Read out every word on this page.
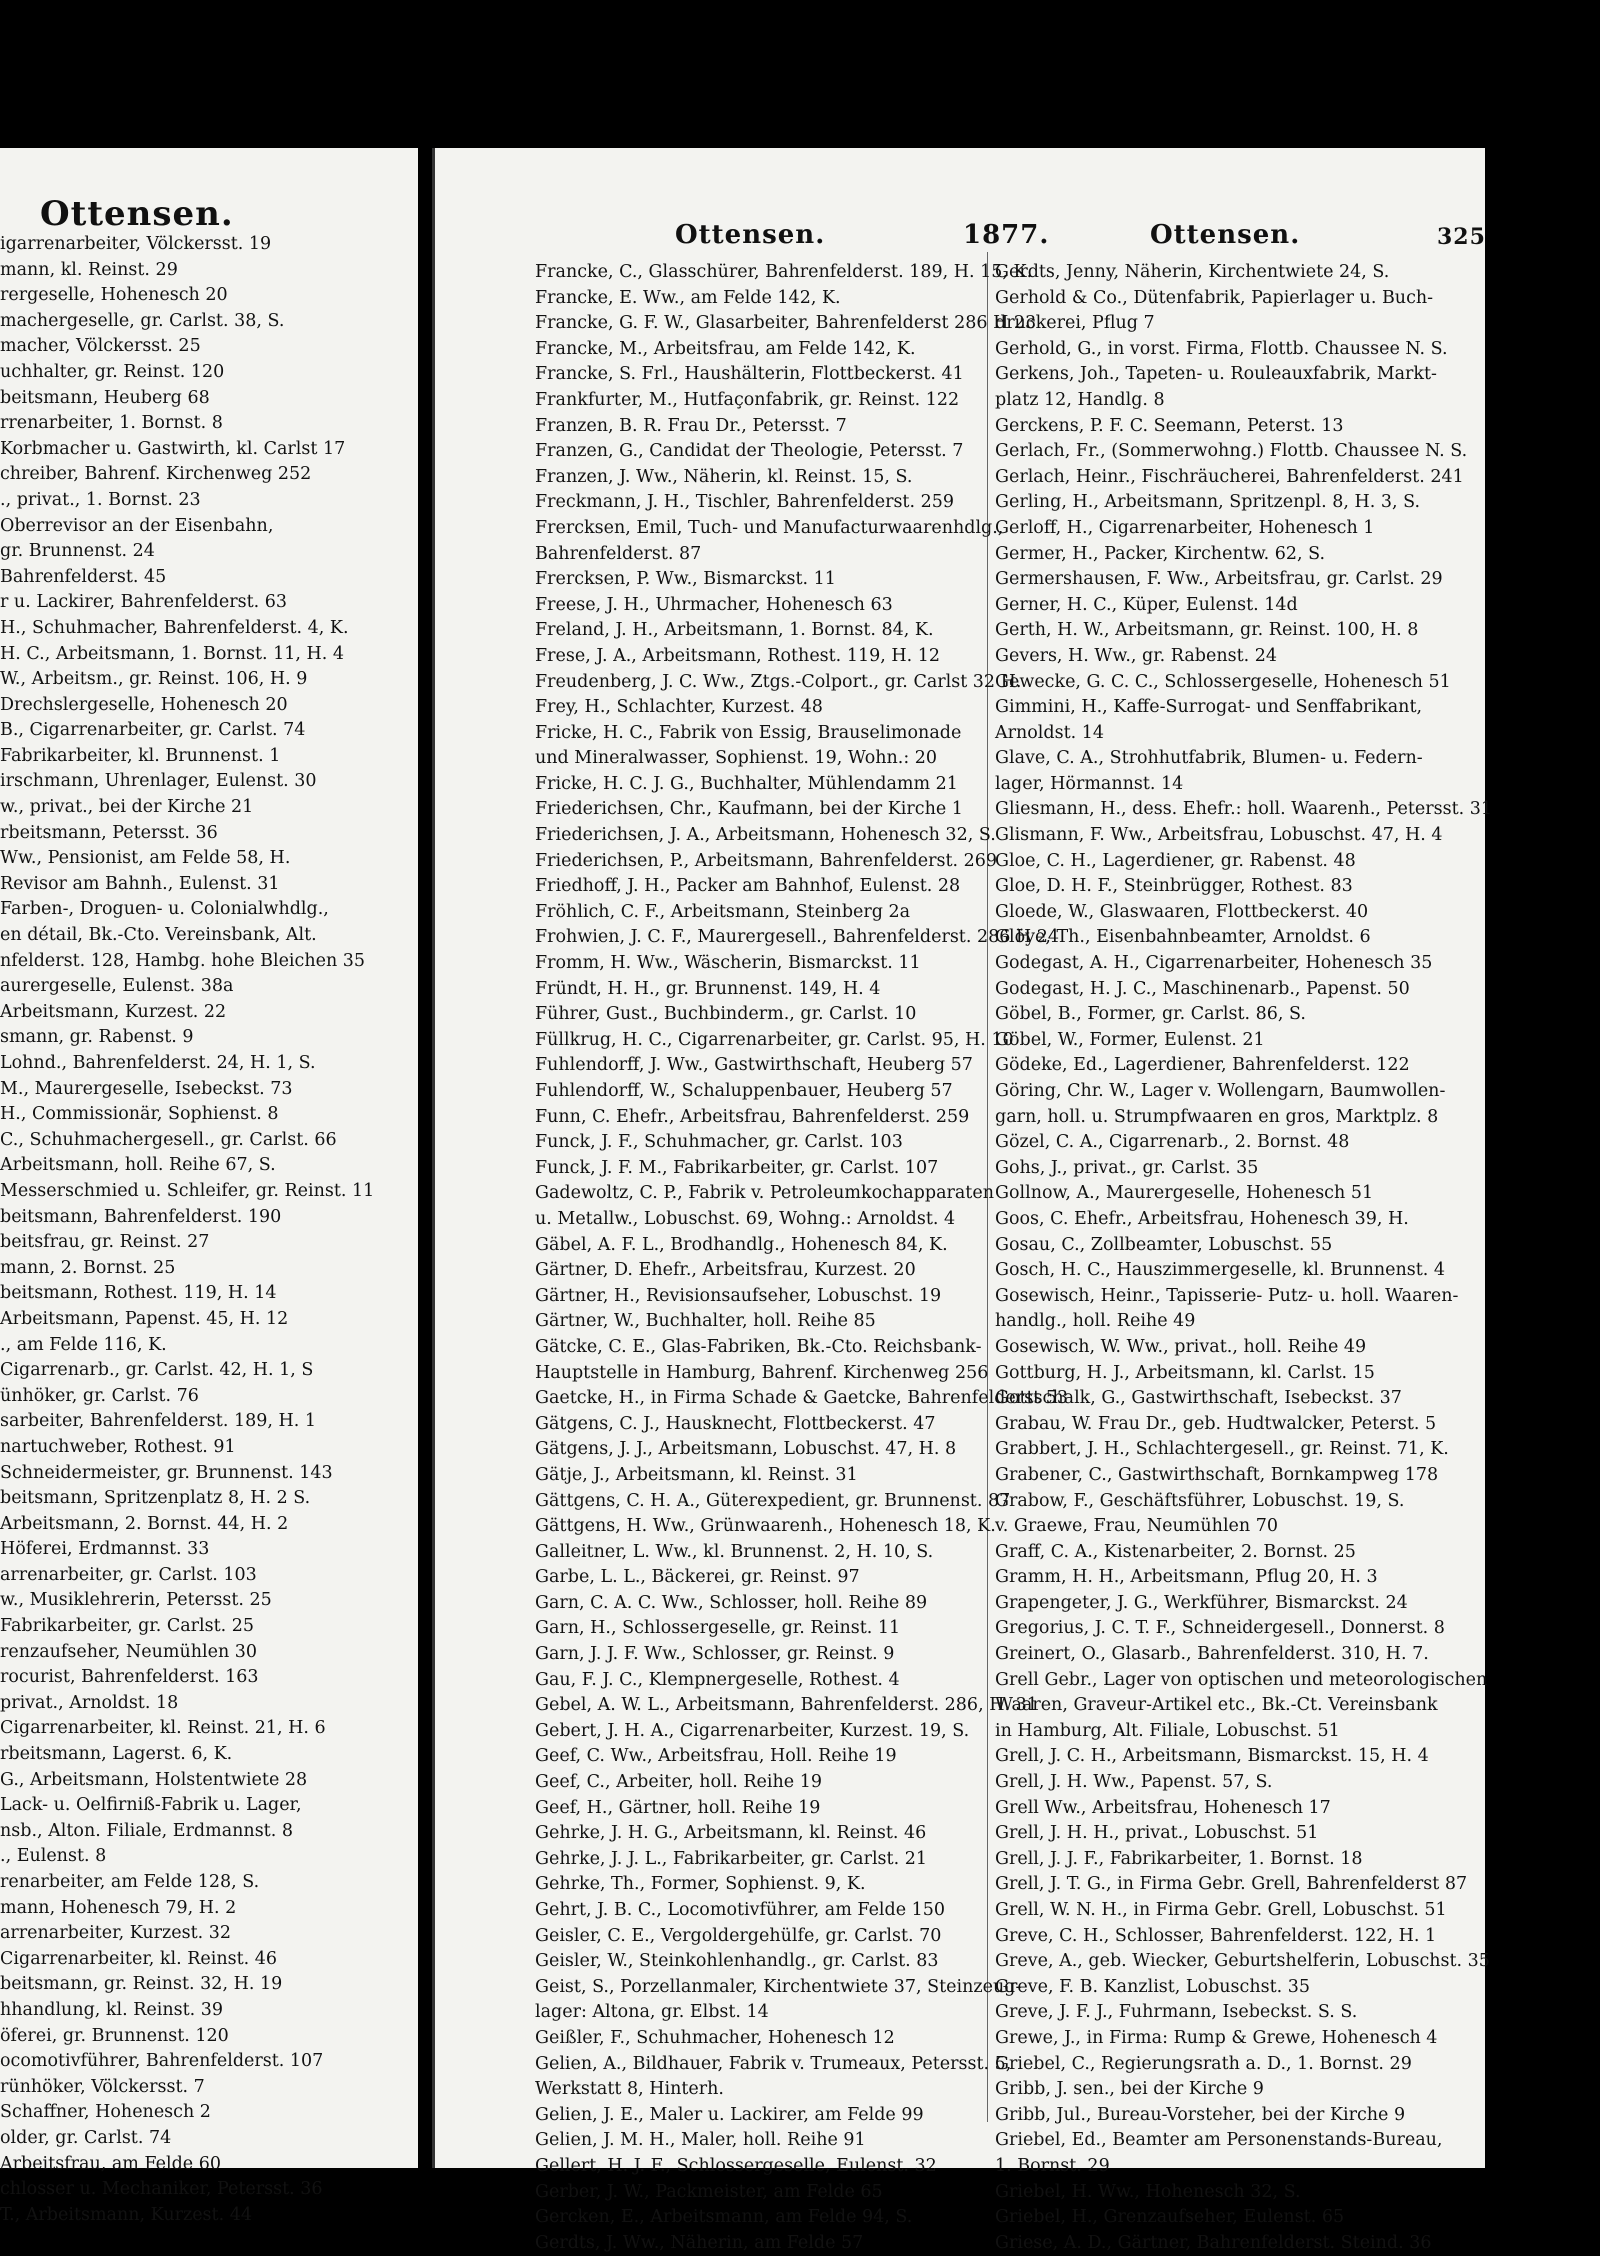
Ottensen.
igarrenarbeiter, Völckersst. 19
mann, kl. Reinst. 29
rergeselle, Hohenesch 20
machergeselle, gr. Carlst. 38, S.
macher, Völckersst. 25
uchhalter, gr. Reinst. 120
beitsmann, Heuberg 68
rrenarbeiter, 1. Bornst. 8
Korbmacher u. Gastwirth, kl. Carlst 17
chreiber, Bahrenf. Kirchenweg 252
., privat., 1. Bornst. 23
Oberrevisor an der Eisenbahn,
gr. Brunnenst. 24
Bahrenfelderst. 45
r u. Lackirer, Bahrenfelderst. 63
H., Schuhmacher, Bahrenfelderst. 4, K.
H. C., Arbeitsmann, 1. Bornst. 11, H. 4
W., Arbeitsm., gr. Reinst. 106, H. 9
Drechslergeselle, Hohenesch 20
B., Cigarrenarbeiter, gr. Carlst. 74
Fabrikarbeiter, kl. Brunnenst. 1
irschmann, Uhrenlager, Eulenst. 30
w., privat., bei der Kirche 21
rbeitsmann, Petersst. 36
Ww., Pensionist, am Felde 58, H.
Revisor am Bahnh., Eulenst. 31
Farben-, Droguen- u. Colonialwhdlg.,
en détail, Bk.-Cto. Vereinsbank, Alt.
nfelderst. 128, Hambg. hohe Bleichen 35
aurergeselle, Eulenst. 38a
Arbeitsmann, Kurzest. 22
smann, gr. Rabenst. 9
Lohnd., Bahrenfelderst. 24, H. 1, S.
M., Maurergeselle, Isebeckst. 73
H., Commissionär, Sophienst. 8
C., Schuhmachergesell., gr. Carlst. 66
Arbeitsmann, holl. Reihe 67, S.
Messerschmied u. Schleifer, gr. Reinst. 11
beitsmann, Bahrenfelderst. 190
beitsfrau, gr. Reinst. 27
mann, 2. Bornst. 25
beitsmann, Rothest. 119, H. 14
Arbeitsmann, Papenst. 45, H. 12
., am Felde 116, K.
Cigarrenarb., gr. Carlst. 42, H. 1, S
ünhöker, gr. Carlst. 76
sarbeiter, Bahrenfelderst. 189, H. 1
nartuchweber, Rothest. 91
Schneidermeister, gr. Brunnenst. 143
beitsmann, Spritzenplatz 8, H. 2 S.
Arbeitsmann, 2. Bornst. 44, H. 2
Höferei, Erdmannst. 33
arrenarbeiter, gr. Carlst. 103
w., Musiklehrerin, Petersst. 25
Fabrikarbeiter, gr. Carlst. 25
renzaufseher, Neumühlen 30
rocurist, Bahrenfelderst. 163
privat., Arnoldst. 18
Cigarrenarbeiter, kl. Reinst. 21, H. 6
rbeitsmann, Lagerst. 6, K.
G., Arbeitsmann, Holstentwiete 28
Lack- u. Oelfirniß-Fabrik u. Lager,
nsb., Alton. Filiale, Erdmannst. 8
., Eulenst. 8
renarbeiter, am Felde 128, S.
mann, Hohenesch 79, H. 2
arrenarbeiter, Kurzest. 32
Cigarrenarbeiter, kl. Reinst. 46
beitsmann, gr. Reinst. 32, H. 19
hhandlung, kl. Reinst. 39
öferei, gr. Brunnenst. 120
ocomotivführer, Bahrenfelderst. 107
rünhöker, Völckersst. 7
Schaffner, Hohenesch 2
older, gr. Carlst. 74
Arbeitsfrau, am Felde 60
chlosser u. Mechaniker, Petersst. 36
T., Arbeitsmann, Kurzest. 44
Ottensen.	1877.	Ottensen.	325
Francke, C., Glasschürer, Bahrenfelderst. 189, H. 15, K.
Francke, E. Ww., am Felde 142, K.
Francke, G. F. W., Glasarbeiter, Bahrenfelderst 286 H 23
Francke, M., Arbeitsfrau, am Felde 142, K.
Francke, S. Frl., Haushälterin, Flottbeckerst. 41
Frankfurter, M., Hutfaçonfabrik, gr. Reinst. 122
Franzen, B. R. Frau Dr., Petersst. 7
Franzen, G., Candidat der Theologie, Petersst. 7
Franzen, J. Ww., Näherin, kl. Reinst. 15, S.
Freckmann, J. H., Tischler, Bahrenfelderst. 259
Frercksen, Emil, Tuch- und Manufacturwaarenhdlg.,
Bahrenfelderst. 87
Frercksen, P. Ww., Bismarckst. 11
Freese, J. H., Uhrmacher, Hohenesch 63
Freland, J. H., Arbeitsmann, 1. Bornst. 84, K.
Frese, J. A., Arbeitsmann, Rothest. 119, H. 12
Freudenberg, J. C. Ww., Ztgs.-Colport., gr. Carlst 32 H.
Frey, H., Schlachter, Kurzest. 48
Fricke, H. C., Fabrik von Essig, Brauselimonade
und Mineralwasser, Sophienst. 19, Wohn.: 20
Fricke, H. C. J. G., Buchhalter, Mühlendamm 21
Friederichsen, Chr., Kaufmann, bei der Kirche 1
Friederichsen, J. A., Arbeitsmann, Hohenesch 32, S.
Friederichsen, P., Arbeitsmann, Bahrenfelderst. 269
Friedhoff, J. H., Packer am Bahnhof, Eulenst. 28
Fröhlich, C. F., Arbeitsmann, Steinberg 2a
Frohwien, J. C. F., Maurergesell., Bahrenfelderst. 286 H 24
Fromm, H. Ww., Wäscherin, Bismarckst. 11
Fründt, H. H., gr. Brunnenst. 149, H. 4
Führer, Gust., Buchbinderm., gr. Carlst. 10
Füllkrug, H. C., Cigarrenarbeiter, gr. Carlst. 95, H. 10
Fuhlendorff, J. Ww., Gastwirthschaft, Heuberg 57
Fuhlendorff, W., Schaluppenbauer, Heuberg 57
Funn, C. Ehefr., Arbeitsfrau, Bahrenfelderst. 259
Funck, J. F., Schuhmacher, gr. Carlst. 103
Funck, J. F. M., Fabrikarbeiter, gr. Carlst. 107
Gadewoltz, C. P., Fabrik v. Petroleumkochapparaten
u. Metallw., Lobuschst. 69, Wohng.: Arnoldst. 4
Gäbel, A. F. L., Brodhandlg., Hohenesch 84, K.
Gärtner, D. Ehefr., Arbeitsfrau, Kurzest. 20
Gärtner, H., Revisionsaufseher, Lobuschst. 19
Gärtner, W., Buchhalter, holl. Reihe 85
Gätcke, C. E., Glas-Fabriken, Bk.-Cto. Reichsbank-
Hauptstelle in Hamburg, Bahrenf. Kirchenweg 256
Gaetcke, H., in Firma Schade & Gaetcke, Bahrenfelderst 53
Gätgens, C. J., Hausknecht, Flottbeckerst. 47
Gätgens, J. J., Arbeitsmann, Lobuschst. 47, H. 8
Gätje, J., Arbeitsmann, kl. Reinst. 31
Gättgens, C. H. A., Güterexpedient, gr. Brunnenst. 87
Gättgens, H. Ww., Grünwaarenh., Hohenesch 18, K.
Galleitner, L. Ww., kl. Brunnenst. 2, H. 10, S.
Garbe, L. L., Bäckerei, gr. Reinst. 97
Garn, C. A. C. Ww., Schlosser, holl. Reihe 89
Garn, H., Schlossergeselle, gr. Reinst. 11
Garn, J. J. F. Ww., Schlosser, gr. Reinst. 9
Gau, F. J. C., Klempnergeselle, Rothest. 4
Gebel, A. W. L., Arbeitsmann, Bahrenfelderst. 286, H. 31
Gebert, J. H. A., Cigarrenarbeiter, Kurzest. 19, S.
Geef, C. Ww., Arbeitsfrau, Holl. Reihe 19
Geef, C., Arbeiter, holl. Reihe 19
Geef, H., Gärtner, holl. Reihe 19
Gehrke, J. H. G., Arbeitsmann, kl. Reinst. 46
Gehrke, J. J. L., Fabrikarbeiter, gr. Carlst. 21
Gehrke, Th., Former, Sophienst. 9, K.
Gehrt, J. B. C., Locomotivführer, am Felde 150
Geisler, C. E., Vergoldergehülfe, gr. Carlst. 70
Geisler, W., Steinkohlenhandlg., gr. Carlst. 83
Geist, S., Porzellanmaler, Kirchentwiete 37, Steinzeug-
lager: Altona, gr. Elbst. 14
Geißler, F., Schuhmacher, Hohenesch 12
Gelien, A., Bildhauer, Fabrik v. Trumeaux, Petersst. 5,
Werkstatt 8, Hinterh.
Gelien, J. E., Maler u. Lackirer, am Felde 99
Gelien, J. M. H., Maler, holl. Reihe 91
Gellert, H. J. F., Schlossergeselle, Eulenst. 32
Gerber, J. W., Packmeister, am Felde 65
Gercken, E., Arbeitsmann, am Felde 94, S.
Gerdts, J. Ww., Näherin, am Felde 57
Gerdts, Jenny, Näherin, Kirchentwiete 24, S.
Gerhold & Co., Dütenfabrik, Papierlager u. Buch-
druckerei, Pflug 7
Gerhold, G., in vorst. Firma, Flottb. Chaussee N. S.
Gerkens, Joh., Tapeten- u. Rouleauxfabrik, Markt-
platz 12, Handlg. 8
Gerckens, P. F. C. Seemann, Peterst. 13
Gerlach, Fr., (Sommerwohng.) Flottb. Chaussee N. S.
Gerlach, Heinr., Fischräucherei, Bahrenfelderst. 241
Gerling, H., Arbeitsmann, Spritzenpl. 8, H. 3, S.
Gerloff, H., Cigarrenarbeiter, Hohenesch 1
Germer, H., Packer, Kirchentw. 62, S.
Germershausen, F. Ww., Arbeitsfrau, gr. Carlst. 29
Gerner, H. C., Küper, Eulenst. 14d
Gerth, H. W., Arbeitsmann, gr. Reinst. 100, H. 8
Gevers, H. Ww., gr. Rabenst. 24
Gewecke, G. C. C., Schlossergeselle, Hohenesch 51
Gimmini, H., Kaffe-Surrogat- und Senffabrikant,
Arnoldst. 14
Glave, C. A., Strohhutfabrik, Blumen- u. Federn-
lager, Hörmannst. 14
Gliesmann, H., dess. Ehefr.: holl. Waarenh., Petersst. 31
Glismann, F. Ww., Arbeitsfrau, Lobuschst. 47, H. 4
Gloe, C. H., Lagerdiener, gr. Rabenst. 48
Gloe, D. H. F., Steinbrügger, Rothest. 83
Gloede, W., Glaswaaren, Flottbeckerst. 40
Glöye, Th., Eisenbahnbeamter, Arnoldst. 6
Godegast, A. H., Cigarrenarbeiter, Hohenesch 35
Godegast, H. J. C., Maschinenarb., Papenst. 50
Göbel, B., Former, gr. Carlst. 86, S.
Göbel, W., Former, Eulenst. 21
Gödeke, Ed., Lagerdiener, Bahrenfelderst. 122
Göring, Chr. W., Lager v. Wollengarn, Baumwollen-
garn, holl. u. Strumpfwaaren en gros, Marktplz. 8
Gözel, C. A., Cigarrenarb., 2. Bornst. 48
Gohs, J., privat., gr. Carlst. 35
Gollnow, A., Maurergeselle, Hohenesch 51
Goos, C. Ehefr., Arbeitsfrau, Hohenesch 39, H.
Gosau, C., Zollbeamter, Lobuschst. 55
Gosch, H. C., Hauszimmergeselle, kl. Brunnenst. 4
Gosewisch, Heinr., Tapisserie- Putz- u. holl. Waaren-
handlg., holl. Reihe 49
Gosewisch, W. Ww., privat., holl. Reihe 49
Gottburg, H. J., Arbeitsmann, kl. Carlst. 15
Gottschalk, G., Gastwirthschaft, Isebeckst. 37
Grabau, W. Frau Dr., geb. Hudtwalcker, Peterst. 5
Grabbert, J. H., Schlachtergesell., gr. Reinst. 71, K.
Grabener, C., Gastwirthschaft, Bornkampweg 178
Grabow, F., Geschäftsführer, Lobuschst. 19, S.
v. Graewe, Frau, Neumühlen 70
Graff, C. A., Kistenarbeiter, 2. Bornst. 25
Gramm, H. H., Arbeitsmann, Pflug 20, H. 3
Grapengeter, J. G., Werkführer, Bismarckst. 24
Gregorius, J. C. T. F., Schneidergesell., Donnerst. 8
Greinert, O., Glasarb., Bahrenfelderst. 310, H. 7.
Grell Gebr., Lager von optischen und meteorologischen
Waaren, Graveur-Artikel etc., Bk.-Ct. Vereinsbank
in Hamburg, Alt. Filiale, Lobuschst. 51
Grell, J. C. H., Arbeitsmann, Bismarckst. 15, H. 4
Grell, J. H. Ww., Papenst. 57, S.
Grell Ww., Arbeitsfrau, Hohenesch 17
Grell, J. H. H., privat., Lobuschst. 51
Grell, J. J. F., Fabrikarbeiter, 1. Bornst. 18
Grell, J. T. G., in Firma Gebr. Grell, Bahrenfelderst 87
Grell, W. N. H., in Firma Gebr. Grell, Lobuschst. 51
Greve, C. H., Schlosser, Bahrenfelderst. 122, H. 1
Greve, A., geb. Wiecker, Geburtshelferin, Lobuschst. 35
Greve, F. B. Kanzlist, Lobuschst. 35
Greve, J. F. J., Fuhrmann, Isebeckst. S. S.
Grewe, J., in Firma: Rump & Grewe, Hohenesch 4
Griebel, C., Regierungsrath a. D., 1. Bornst. 29
Gribb, J. sen., bei der Kirche 9
Gribb, Jul., Bureau-Vorsteher, bei der Kirche 9
Griebel, Ed., Beamter am Personenstands-Bureau,
1. Bornst. 29
Griebel, H. Ww., Hohenesch 32, S.
Griebel, H., Grenzaufseher, Eulenst. 65
Griese, A. D., Gärtner, Bahrenfelderst. Steind. 36
